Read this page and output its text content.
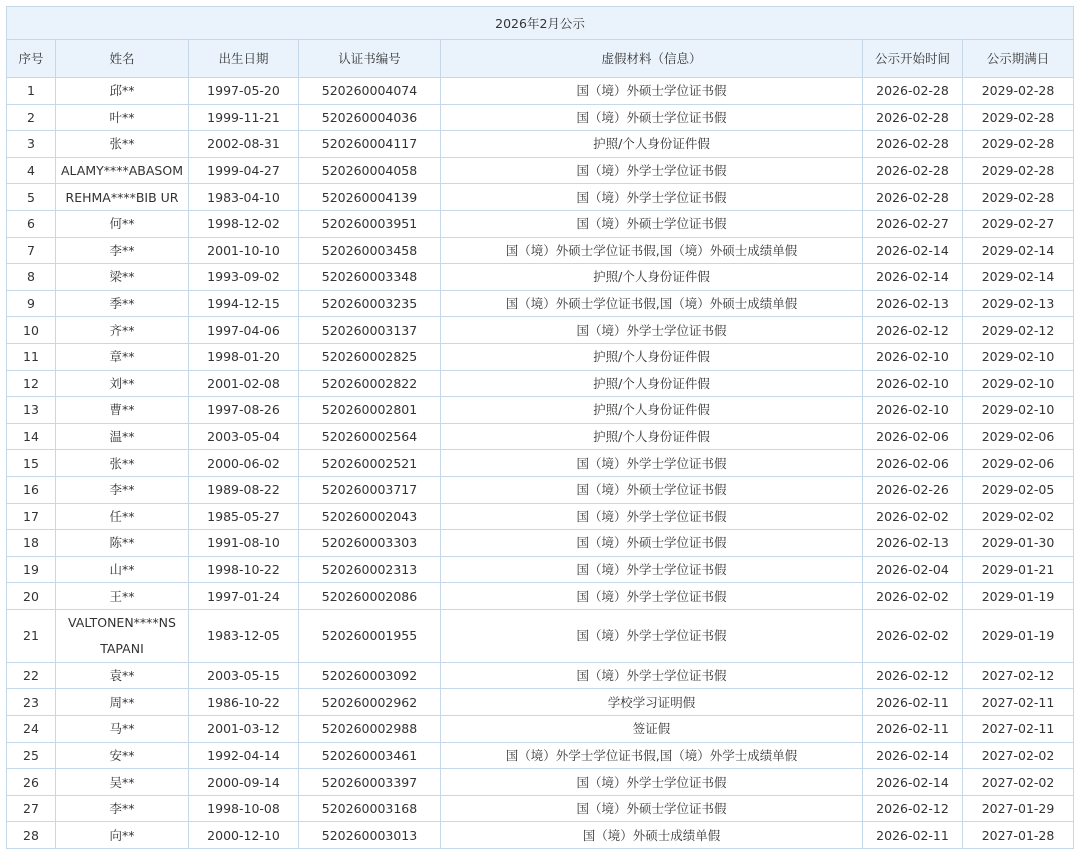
2026年2月公示						
序号	姓名	出生日期	认证书编号	虚假材料（信息）	公示开始时间	公示期满日
1	邱**	1997-05-20	520260004074	国（境）外硕士学位证书假	2026-02-28	2029-02-28
2	叶**	1999-11-21	520260004036	国（境）外硕士学位证书假	2026-02-28	2029-02-28
3	张**	2002-08-31	520260004117	护照/个人身份证件假	2026-02-28	2029-02-28
4	ALAMY****ABASOM	1999-04-27	520260004058	国（境）外学士学位证书假	2026-02-28	2029-02-28
5	REHMA****BIB UR	1983-04-10	520260004139	国（境）外学士学位证书假	2026-02-28	2029-02-28
6	何**	1998-12-02	520260003951	国（境）外硕士学位证书假	2026-02-27	2029-02-27
7	李**	2001-10-10	520260003458	国（境）外硕士学位证书假,国（境）外硕士成绩单假	2026-02-14	2029-02-14
8	梁**	1993-09-02	520260003348	护照/个人身份证件假	2026-02-14	2029-02-14
9	季**	1994-12-15	520260003235	国（境）外硕士学位证书假,国（境）外硕士成绩单假	2026-02-13	2029-02-13
10	齐**	1997-04-06	520260003137	国（境）外学士学位证书假	2026-02-12	2029-02-12
11	章**	1998-01-20	520260002825	护照/个人身份证件假	2026-02-10	2029-02-10
12	刘**	2001-02-08	520260002822	护照/个人身份证件假	2026-02-10	2029-02-10
13	曹**	1997-08-26	520260002801	护照/个人身份证件假	2026-02-10	2029-02-10
14	温**	2003-05-04	520260002564	护照/个人身份证件假	2026-02-06	2029-02-06
15	张**	2000-06-02	520260002521	国（境）外学士学位证书假	2026-02-06	2029-02-06
16	李**	1989-08-22	520260003717	国（境）外硕士学位证书假	2026-02-26	2029-02-05
17	任**	1985-05-27	520260002043	国（境）外学士学位证书假	2026-02-02	2029-02-02
18	陈**	1991-08-10	520260003303	国（境）外硕士学位证书假	2026-02-13	2029-01-30
19	山**	1998-10-22	520260002313	国（境）外学士学位证书假	2026-02-04	2029-01-21
20	王**	1997-01-24	520260002086	国（境）外学士学位证书假	2026-02-02	2029-01-19
21	VALTONEN****NS TAPANI	1983-12-05	520260001955	国（境）外学士学位证书假	2026-02-02	2029-01-19
22	袁**	2003-05-15	520260003092	国（境）外学士学位证书假	2026-02-12	2027-02-12
23	周**	1986-10-22	520260002962	学校学习证明假	2026-02-11	2027-02-11
24	马**	2001-03-12	520260002988	签证假	2026-02-11	2027-02-11
25	安**	1992-04-14	520260003461	国（境）外学士学位证书假,国（境）外学士成绩单假	2026-02-14	2027-02-02
26	吴**	2000-09-14	520260003397	国（境）外学士学位证书假	2026-02-14	2027-02-02
27	李**	1998-10-08	520260003168	国（境）外硕士学位证书假	2026-02-12	2027-01-29
28	向**	2000-12-10	520260003013	国（境）外硕士成绩单假	2026-02-11	2027-01-28
